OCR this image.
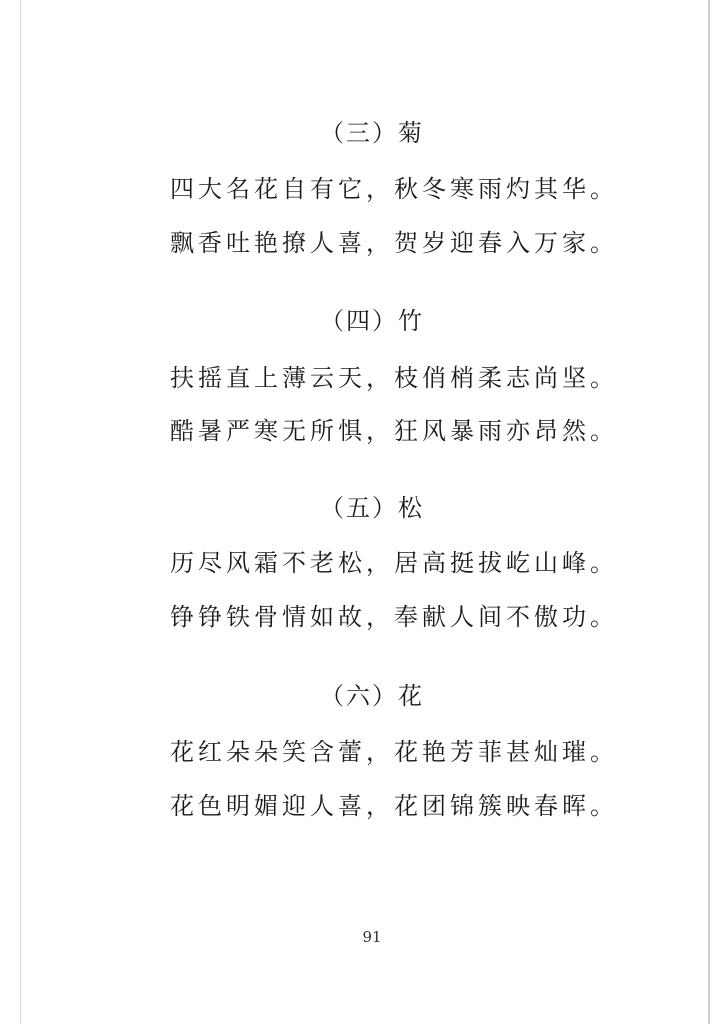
（三）菊
四大名花自有它，秋冬寒雨灼其华。
飘香吐艳撩人喜，贺岁迎春入万家。
（四）竹
扶摇直上薄云天，枝俏梢柔志尚坚。
酷暑严寒无所惧，狂风暴雨亦昂然。
（五）松
历尽风霜不老松，居高挺拔屹山峰。
铮铮铁骨情如故，奉献人间不傲功。
（六）花
花红朵朵笑含蕾，花艳芳菲甚灿璀。
花色明媚迎人喜，花团锦簇映春晖。
91
